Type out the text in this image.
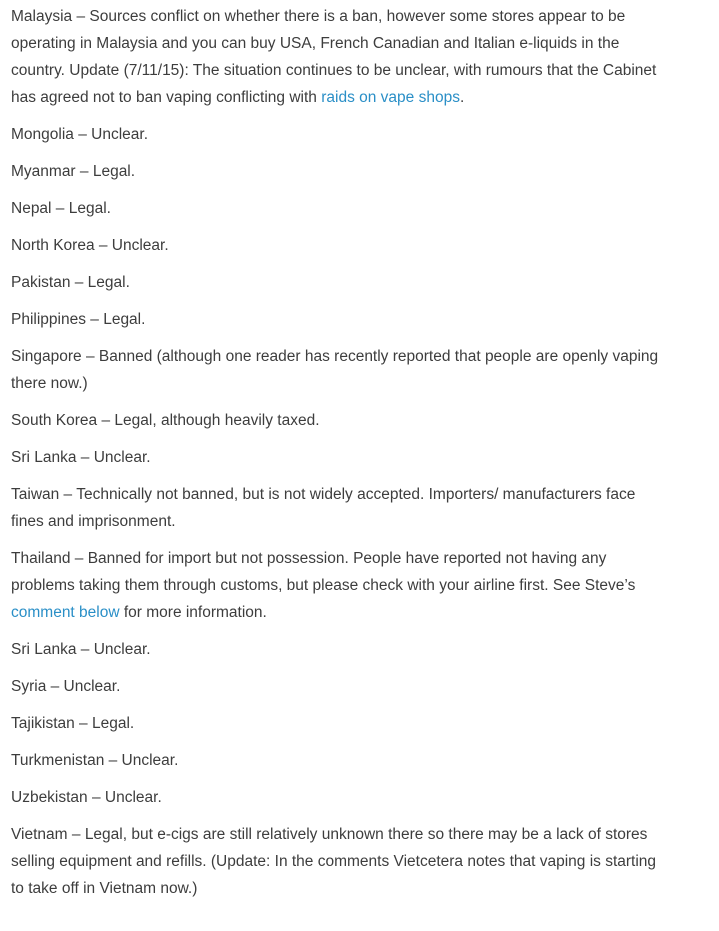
Malaysia – Sources conflict on whether there is a ban, however some stores appear to be operating in Malaysia and you can buy USA, French Canadian and Italian e-liquids in the country. Update (7/11/15): The situation continues to be unclear, with rumours that the Cabinet has agreed not to ban vaping conflicting with raids on vape shops.

Mongolia – Unclear.

Myanmar – Legal.

Nepal – Legal.

North Korea – Unclear.

Pakistan – Legal.

Philippines – Legal.

Singapore – Banned (although one reader has recently reported that people are openly vaping there now.)

South Korea – Legal, although heavily taxed.

Sri Lanka – Unclear.

Taiwan – Technically not banned, but is not widely accepted. Importers/ manufacturers face fines and imprisonment.

Thailand – Banned for import but not possession. People have reported not having any problems taking them through customs, but please check with your airline first. See Steve’s comment below for more information.

Sri Lanka – Unclear.

Syria – Unclear.

Tajikistan – Legal.

Turkmenistan – Unclear.

Uzbekistan – Unclear.

Vietnam – Legal, but e-cigs are still relatively unknown there so there may be a lack of stores selling equipment and refills. (Update: In the comments Vietcetera notes that vaping is starting to take off in Vietnam now.)
